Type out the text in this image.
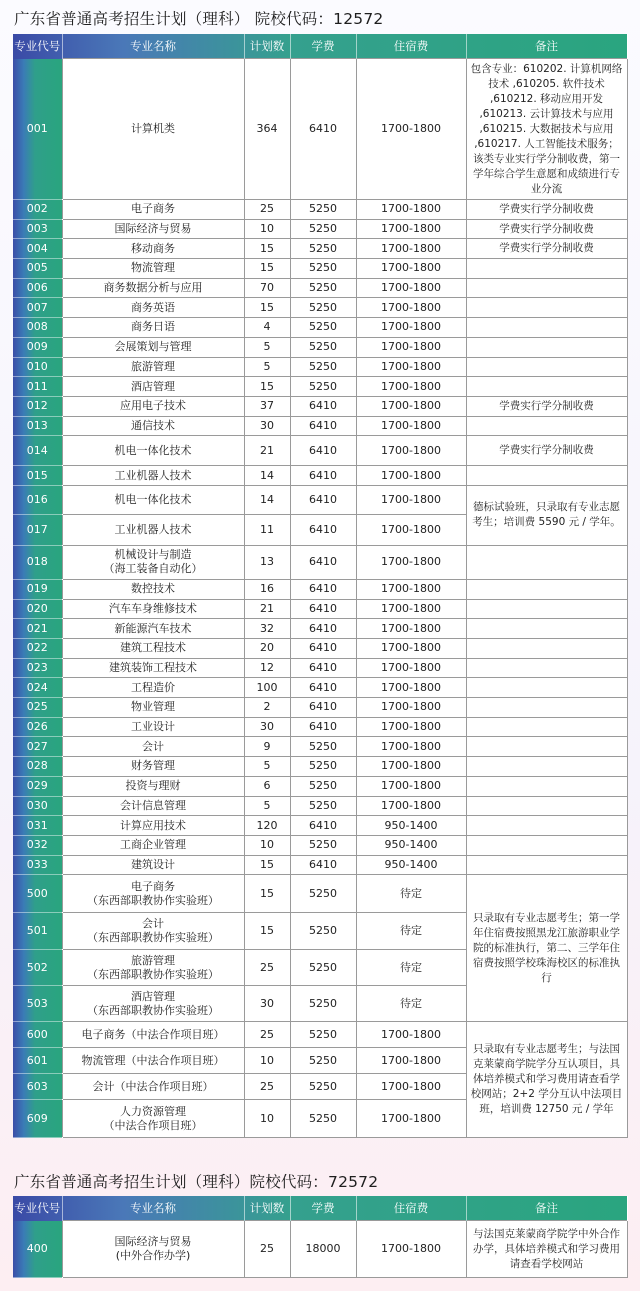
广东省普通高考招生计划（理科） 院校代码：12572
专业代号	专业名称	计划数	学费	住宿费	备注
001	计算机类	364	6410	1700-1800	包含专业：610202. 计算机网络技术 ,610205. 软件技术 ,610212. 移动应用开发 ,610213. 云计算技术与应用 ,610215. 大数据技术与应用 ,610217. 人工智能技术服务；该类专业实行学分制收费，第一学年综合学生意愿和成绩进行专业分流
002	电子商务	25	5250	1700-1800	学费实行学分制收费
003	国际经济与贸易	10	5250	1700-1800	学费实行学分制收费
004	移动商务	15	5250	1700-1800	学费实行学分制收费
005	物流管理	15	5250	1700-1800	
006	商务数据分析与应用	70	5250	1700-1800	
007	商务英语	15	5250	1700-1800	
008	商务日语	4	5250	1700-1800	
009	会展策划与管理	5	5250	1700-1800	
010	旅游管理	5	5250	1700-1800	
011	酒店管理	15	5250	1700-1800	
012	应用电子技术	37	6410	1700-1800	学费实行学分制收费
013	通信技术	30	6410	1700-1800	
014	机电一体化技术	21	6410	1700-1800	学费实行学分制收费
015	工业机器人技术	14	6410	1700-1800	
016	机电一体化技术	14	6410	1700-1800	德标试验班，只录取有专业志愿考生；培训费 5590 元 / 学年。
017	工业机器人技术	11	6410	1700-1800	
018	机械设计与制造
（海工装备自动化）	13	6410	1700-1800	
019	数控技术	16	6410	1700-1800	
020	汽车车身维修技术	21	6410	1700-1800	
021	新能源汽车技术	32	6410	1700-1800	
022	建筑工程技术	20	6410	1700-1800	
023	建筑装饰工程技术	12	6410	1700-1800	
024	工程造价	100	6410	1700-1800	
025	物业管理	2	6410	1700-1800	
026	工业设计	30	6410	1700-1800	
027	会计	9	5250	1700-1800	
028	财务管理	5	5250	1700-1800	
029	投资与理财	6	5250	1700-1800	
030	会计信息管理	5	5250	1700-1800	
031	计算应用技术	120	6410	950-1400	
032	工商企业管理	10	5250	950-1400	
033	建筑设计	15	6410	950-1400	
500	电子商务
（东西部职教协作实验班）	15	5250	待定	只录取有专业志愿考生；第一学年住宿费按照黑龙江旅游职业学院的标准执行，第二、三学年住宿费按照学校珠海校区的标准执行
501	会计
（东西部职教协作实验班）	15	5250	待定	
502	旅游管理
（东西部职教协作实验班）	25	5250	待定	
503	酒店管理
（东西部职教协作实验班）	30	5250	待定	
600	电子商务（中法合作项目班）	25	5250	1700-1800	只录取有专业志愿考生；与法国克莱蒙商学院学分互认项目，具体培养模式和学习费用请查看学校网站；2+2 学分互认中法项目班，培训费 12750 元 / 学年
601	物流管理（中法合作项目班）	10	5250	1700-1800	
603	会计（中法合作项目班）	25	5250	1700-1800	
609	人力资源管理
（中法合作项目班）	10	5250	1700-1800	
广东省普通高考招生计划（理科）院校代码：72572
专业代号	专业名称	计划数	学费	住宿费	备注
400	国际经济与贸易
(中外合作办学)	25	18000	1700-1800	与法国克莱蒙商学院学中外合作办学，具体培养模式和学习费用请查看学校网站
